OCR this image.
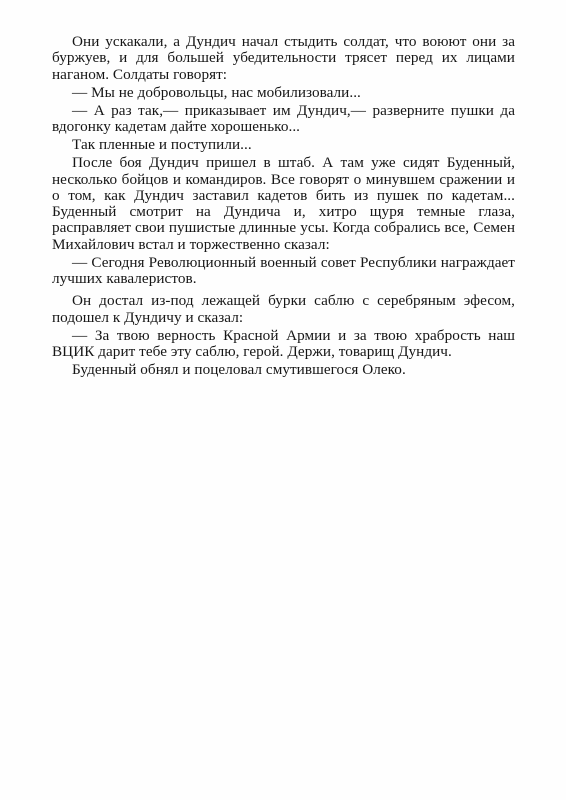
Они ускакали, а Дундич начал стыдить солдат, что воюют они за буржуев, и для большей убедительности трясет перед их лицами наганом. Солдаты говорят:

— Мы не добровольцы, нас мобилизовали...

— А раз так,— приказывает им Дундич,— разверните пушки да вдогонку кадетам дайте хорошенько...

Так пленные и поступили...

После боя Дундич пришел в штаб. А там уже сидят Буденный, несколько бойцов и командиров. Все говорят о минувшем сражении и о том, как Дундич заставил кадетов бить из пушек по кадетам... Буденный смотрит на Дундича и, хитро щуря темные глаза, расправляет свои пушистые длинные усы. Когда собрались все, Семен Михайлович встал и торжественно сказал:

— Сегодня Революционный военный совет Республики награждает лучших кавалеристов.

Он достал из-под лежащей бурки саблю с серебряным эфесом, подошел к Дундичу и сказал:

— За твою верность Красной Армии и за твою храбрость наш ВЦИК дарит тебе эту саблю, герой. Держи, товарищ Дундич.

Буденный обнял и поцеловал смутившегося Олеко.
